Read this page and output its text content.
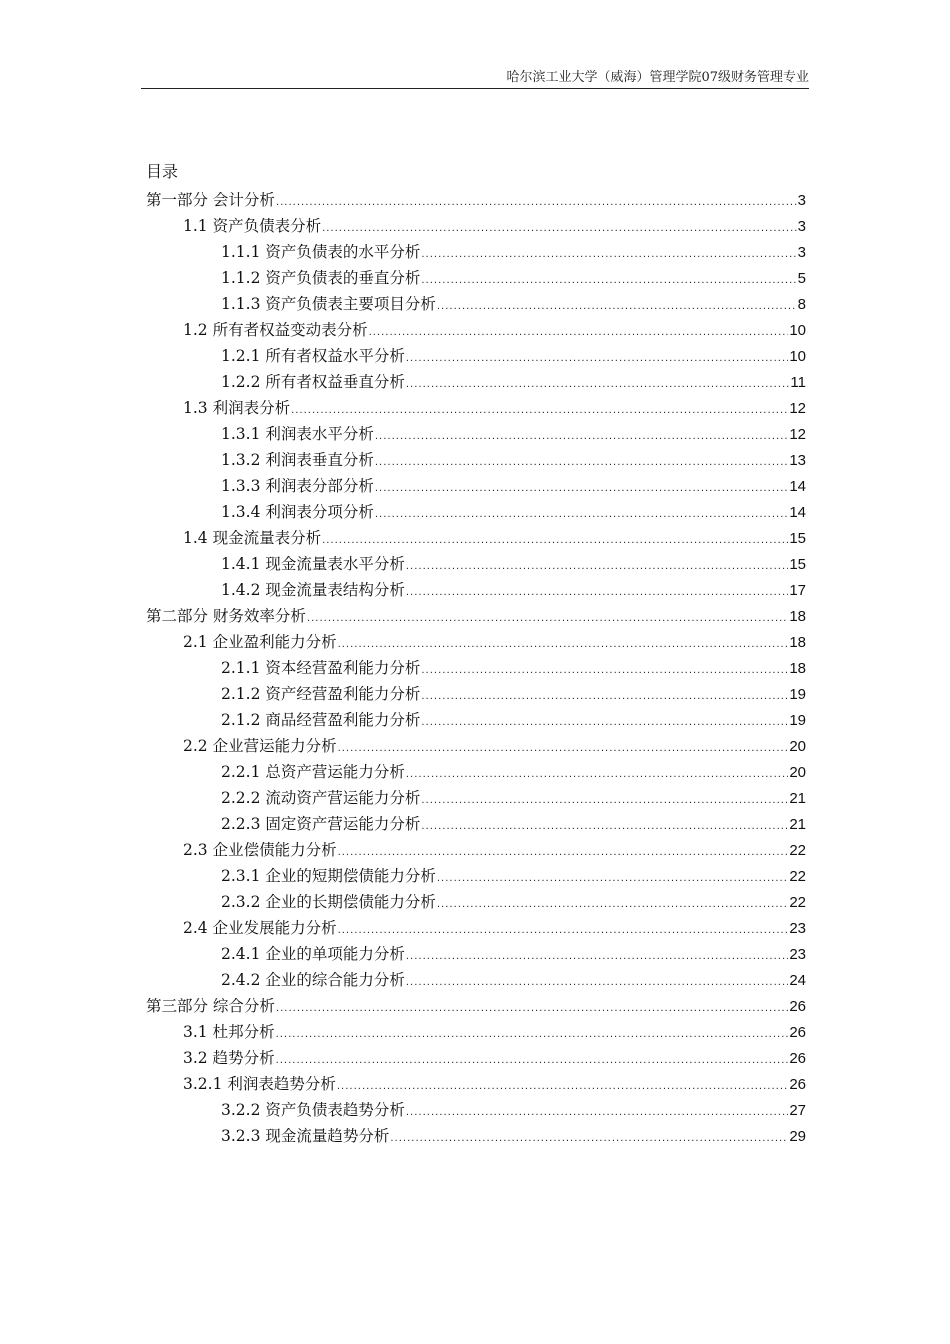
哈尔滨工业大学（威海）管理学院07级财务管理专业
目录
第一部分 会计分析 .....	3
1.1 资产负债表分析 .....	3
1.1.1 资产负债表的水平分析 .....	3
1.1.2 资产负债表的垂直分析 .....	5
1.1.3 资产负债表主要项目分析 .....	8
1.2 所有者权益变动表分析 .....	10
1.2.1 所有者权益水平分析 .....	10
1.2.2 所有者权益垂直分析 .....	11
1.3 利润表分析 .....	12
1.3.1 利润表水平分析 .....	12
1.3.2 利润表垂直分析 .....	13
1.3.3 利润表分部分析 .....	14
1.3.4 利润表分项分析 .....	14
1.4 现金流量表分析 .....	15
1.4.1 现金流量表水平分析 .....	15
1.4.2 现金流量表结构分析 .....	17
第二部分 财务效率分析 .....	18
2.1 企业盈利能力分析 .....	18
2.1.1 资本经营盈利能力分析 .....	18
2.1.2 资产经营盈利能力分析 .....	19
2.1.2 商品经营盈利能力分析 .....	19
2.2 企业营运能力分析 .....	20
2.2.1 总资产营运能力分析 .....	20
2.2.2 流动资产营运能力分析 .....	21
2.2.3 固定资产营运能力分析 .....	21
2.3 企业偿债能力分析 .....	22
2.3.1 企业的短期偿债能力分析 .....	22
2.3.2 企业的长期偿债能力分析 .....	22
2.4 企业发展能力分析 .....	23
2.4.1 企业的单项能力分析 .....	23
2.4.2 企业的综合能力分析 .....	24
第三部分 综合分析 .....	26
3.1 杜邦分析 .....	26
3.2 趋势分析 .....	26
3.2.1 利润表趋势分析 .....	26
3.2.2 资产负债表趋势分析 .....	27
3.2.3 现金流量趋势分析 .....	29
